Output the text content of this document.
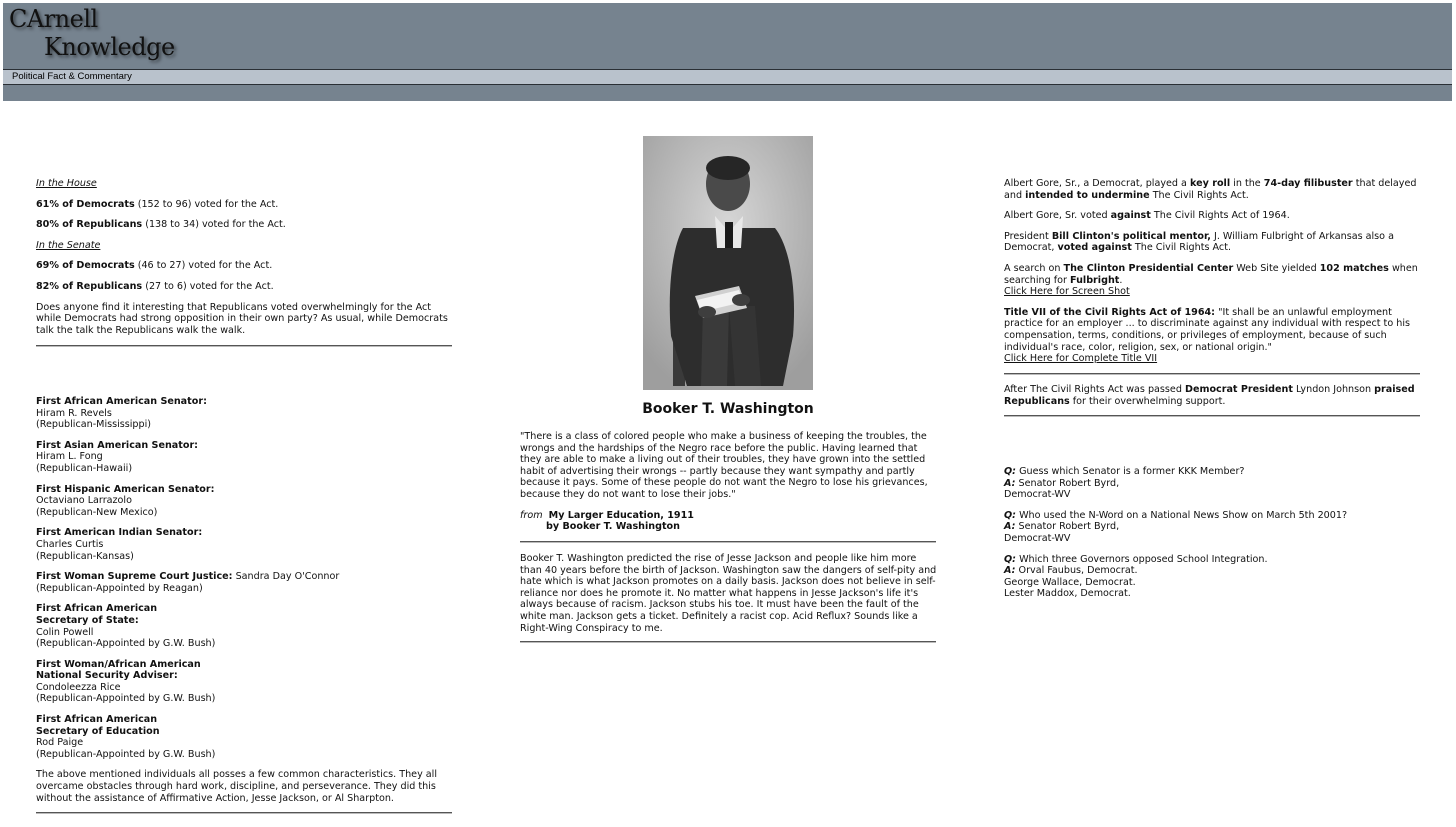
CArnell
Knowledge
Political Fact & Commentary

In the House

61% of Democrats (152 to 96) voted for the Act.

80% of Republicans (138 to 34) voted for the Act.

In the Senate

69% of Democrats (46 to 27) voted for the Act.

82% of Republicans (27 to 6) voted for the Act.

Does anyone find it interesting that Republicans voted overwhelmingly for the Act while Democrats had strong opposition in their own party? As usual, while Democrats talk the talk the Republicans walk the walk.

First African American Senator:
Hiram R. Revels
(Republican-Mississippi)
First Asian American Senator:
Hiram L. Fong
(Republican-Hawaii)
First Hispanic American Senator:
Octaviano Larrazolo
(Republican-New Mexico)
First American Indian Senator:
Charles Curtis
(Republican-Kansas)
First Woman Supreme Court Justice: Sandra Day O'Connor
(Republican-Appointed by Reagan)
First African American
Secretary of State:
Colin Powell
(Republican-Appointed by G.W. Bush)
First Woman/African American
National Security Adviser:
Condoleezza Rice
(Republican-Appointed by G.W. Bush)
First African American
Secretary of Education
Rod Paige
(Republican-Appointed by G.W. Bush)

The above mentioned individuals all posses a few common characteristics. They all overcame obstacles through hard work, discipline, and perseverance. They did this without the assistance of Affirmative Action, Jesse Jackson, or Al Sharpton.

Booker T. Washington

"There is a class of colored people who make a business of keeping the troubles, the wrongs and the hardships of the Negro race before the public. Having learned that they are able to make a living out of their troubles, they have grown into the settled habit of advertising their wrongs -- partly because they want sympathy and partly because it pays. Some of these people do not want the Negro to lose his grievances, because they do not want to lose their jobs."

from My Larger Education, 1911
by Booker T. Washington

Booker T. Washington predicted the rise of Jesse Jackson and people like him more than 40 years before the birth of Jackson. Washington saw the dangers of self-pity and hate which is what Jackson promotes on a daily basis. Jackson does not believe in self-reliance nor does he promote it. No matter what happens in Jesse Jackson's life it's always because of racism. Jackson stubs his toe. It must have been the fault of the white man. Jackson gets a ticket. Definitely a racist cop. Acid Reflux? Sounds like a Right-Wing Conspiracy to me.

Albert Gore, Sr., a Democrat, played a key roll in the 74-day filibuster that delayed and intended to undermine The Civil Rights Act.

Albert Gore, Sr. voted against The Civil Rights Act of 1964.

President Bill Clinton's political mentor, J. William Fulbright of Arkansas also a Democrat, voted against The Civil Rights Act.

A search on The Clinton Presidential Center Web Site yielded 102 matches when searching for Fulbright.
Click Here for Screen Shot

Title VII of the Civil Rights Act of 1964: "It shall be an unlawful employment practice for an employer ... to discriminate against any individual with respect to his compensation, terms, conditions, or privileges of employment, because of such individual's race, color, religion, sex, or national origin."
Click Here for Complete Title VII

After The Civil Rights Act was passed Democrat President Lyndon Johnson praised Republicans for their overwhelming support.

Q: Guess which Senator is a former KKK Member?
A: Senator Robert Byrd,
Democrat-WV
Q: Who used the N-Word on a National News Show on March 5th 2001?
A: Senator Robert Byrd,
Democrat-WV
Q: Which three Governors opposed School Integration.
A: Orval Faubus, Democrat.
George Wallace, Democrat.
Lester Maddox, Democrat.
